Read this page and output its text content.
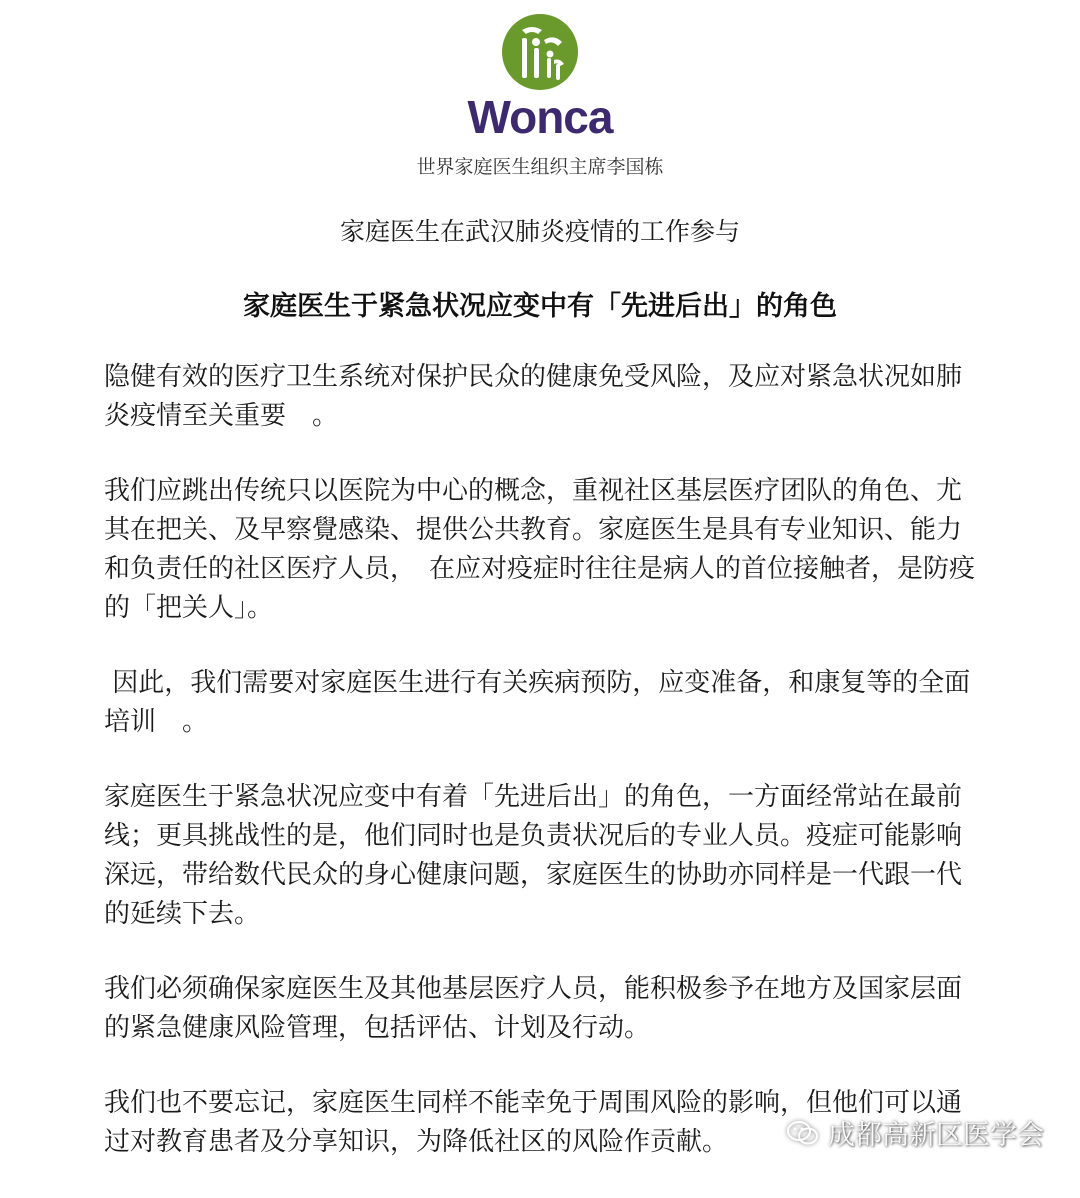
Wonca
世界家庭医生组织主席李国栋
家庭医生在武汉肺炎疫情的工作参与
家庭医生于紧急状况应变中有「先进后出」的角色

隐健有效的医疗卫生系统对保护民众的健康免受风险，及应对紧急状况如肺炎疫情至关重要　。

我们应跳出传统只以医院为中心的概念，重视社区基层医疗团队的角色、尤其在把关、及早察覺感染、提供公共教育。家庭医生是具有专业知识、能力和负责任的社区医疗人员，　在应对疫症时往往是病人的首位接触者，是防疫的「把关人」。

因此，我们需要对家庭医生进行有关疾病预防，应变准备，和康复等的全面培训　。

家庭医生于紧急状况应变中有着「先进后出」的角色，一方面经常站在最前线；更具挑战性的是，他们同时也是负责状况后的专业人员。疫症可能影响深远，带给数代民众的身心健康问题，家庭医生的协助亦同样是一代跟一代的延续下去。

我们必须确保家庭医生及其他基层医疗人员，能积极参予在地方及国家层面的紧急健康风险管理，包括评估、计划及行动。

我们也不要忘记，家庭医生同样不能幸免于周围风险的影响，但他们可以通过对教育患者及分享知识，为降低社区的风险作贡献。	成都高新区医学会
